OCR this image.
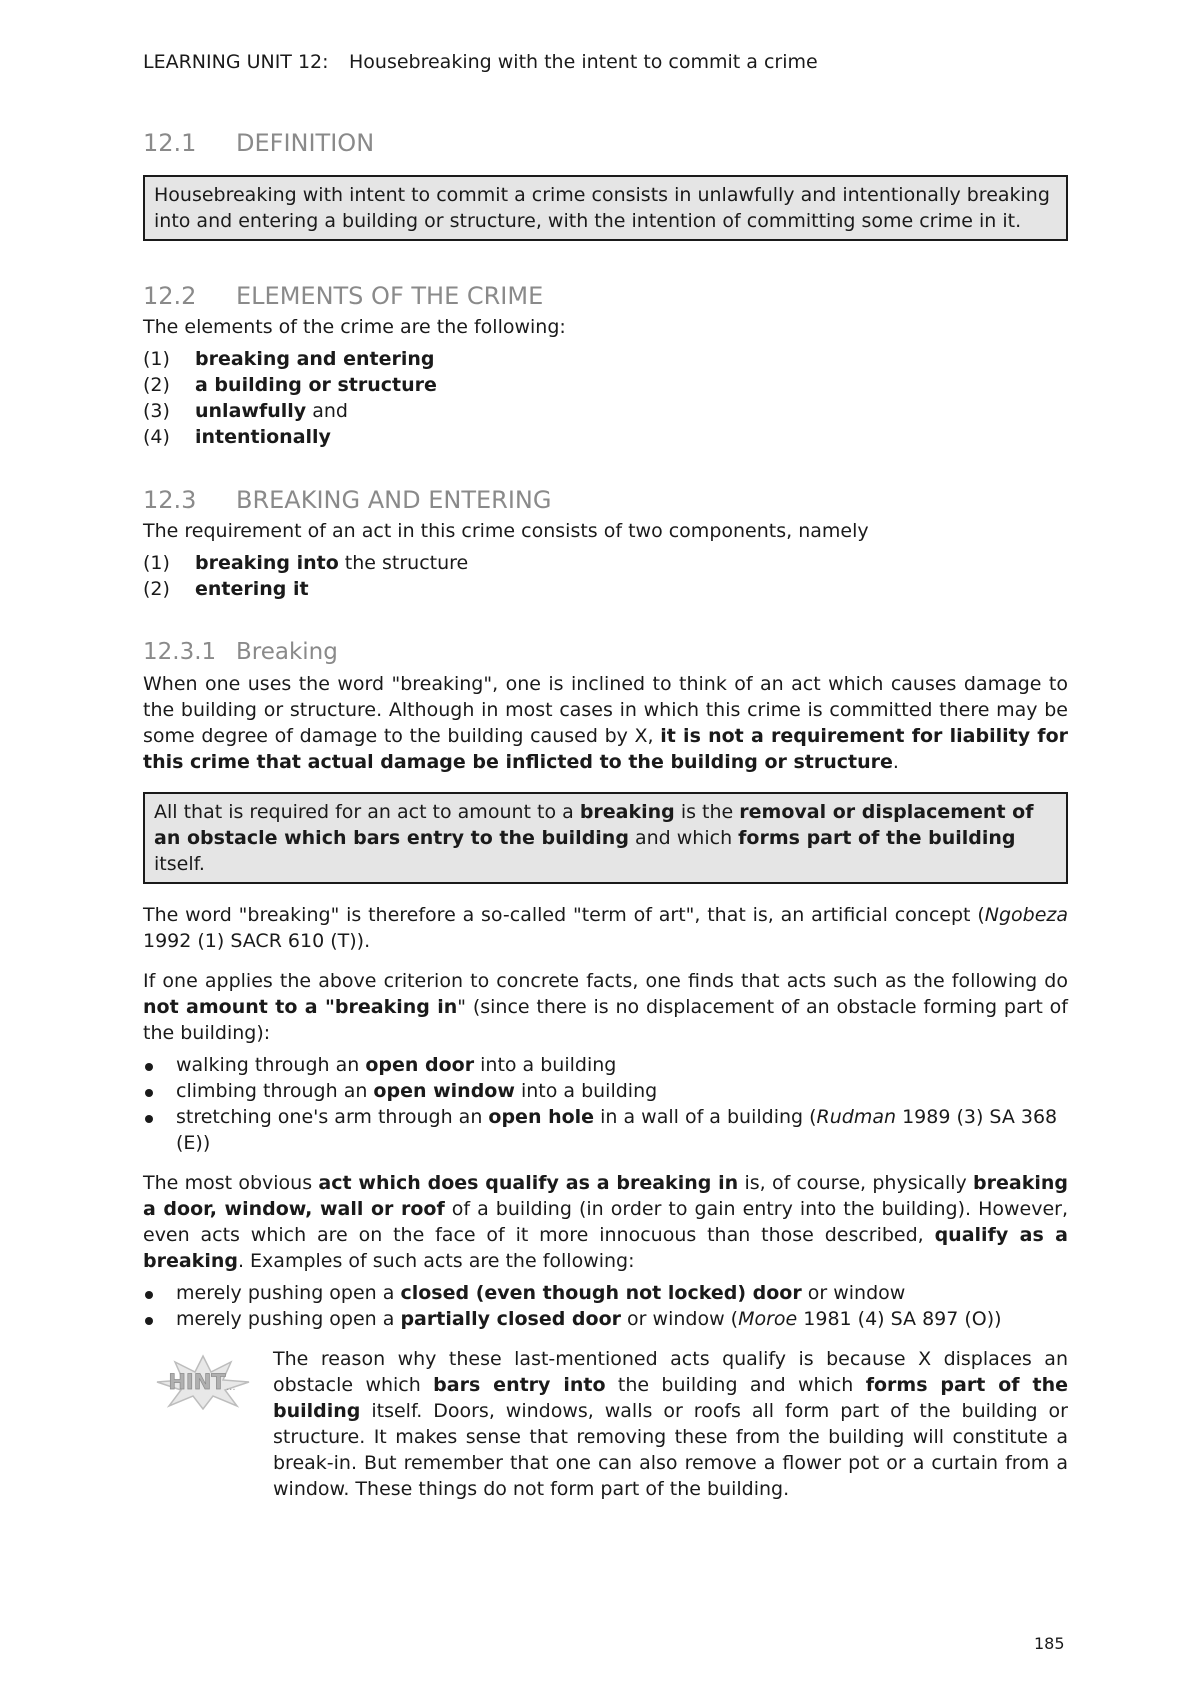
LEARNING UNIT 12: Housebreaking with the intent to commit a crime

12.1 DEFINITION
Housebreaking with intent to commit a crime consists in unlawfully and intentionally breaking into and entering a building or structure, with the intention of committing some crime in it.
12.2 ELEMENTS OF THE CRIME

The elements of the crime are the following:

(1) breaking and entering
(2) a building or structure
(3) unlawfully and
(4) intentionally
12.3 BREAKING AND ENTERING

The requirement of an act in this crime consists of two components, namely

(1) breaking into the structure
(2) entering it
12.3.1 Breaking

When one uses the word "breaking", one is inclined to think of an act which causes damage to the building or structure. Although in most cases in which this crime is committed there may be some degree of damage to the building caused by X, it is not a requirement for liability for this crime that actual damage be inflicted to the building or structure.

All that is required for an act to amount to a breaking is the removal or displacement of an obstacle which bars entry to the building and which forms part of the building itself.

The word "breaking" is therefore a so-called "term of art", that is, an artificial concept (Ngobeza 1992 (1) SACR 610 (T)).

If one applies the above criterion to concrete facts, one finds that acts such as the following do not amount to a "breaking in" (since there is no displacement of an obstacle forming part of the building):

walking through an open door into a building
climbing through an open window into a building
stretching one's arm through an open hole in a wall of a building (Rudman 1989 (3) SA 368 (E))

The most obvious act which does qualify as a breaking in is, of course, physically breaking a door, window, wall or roof of a building (in order to gain entry into the building). However, even acts which are on the face of it more innocuous than those described, qualify as a breaking. Examples of such acts are the following:

merely pushing open a closed (even though not locked) door or window
merely pushing open a partially closed door or window (Moroe 1981 (4) SA 897 (O))
HINT ...

The reason why these last-mentioned acts qualify is because X displaces an obstacle which bars entry into the building and which forms part of the building itself. Doors, windows, walls or roofs all form part of the building or structure. It makes sense that removing these from the building will constitute a break-in. But remember that one can also remove a flower pot or a curtain from a window. These things do not form part of the building.

185
